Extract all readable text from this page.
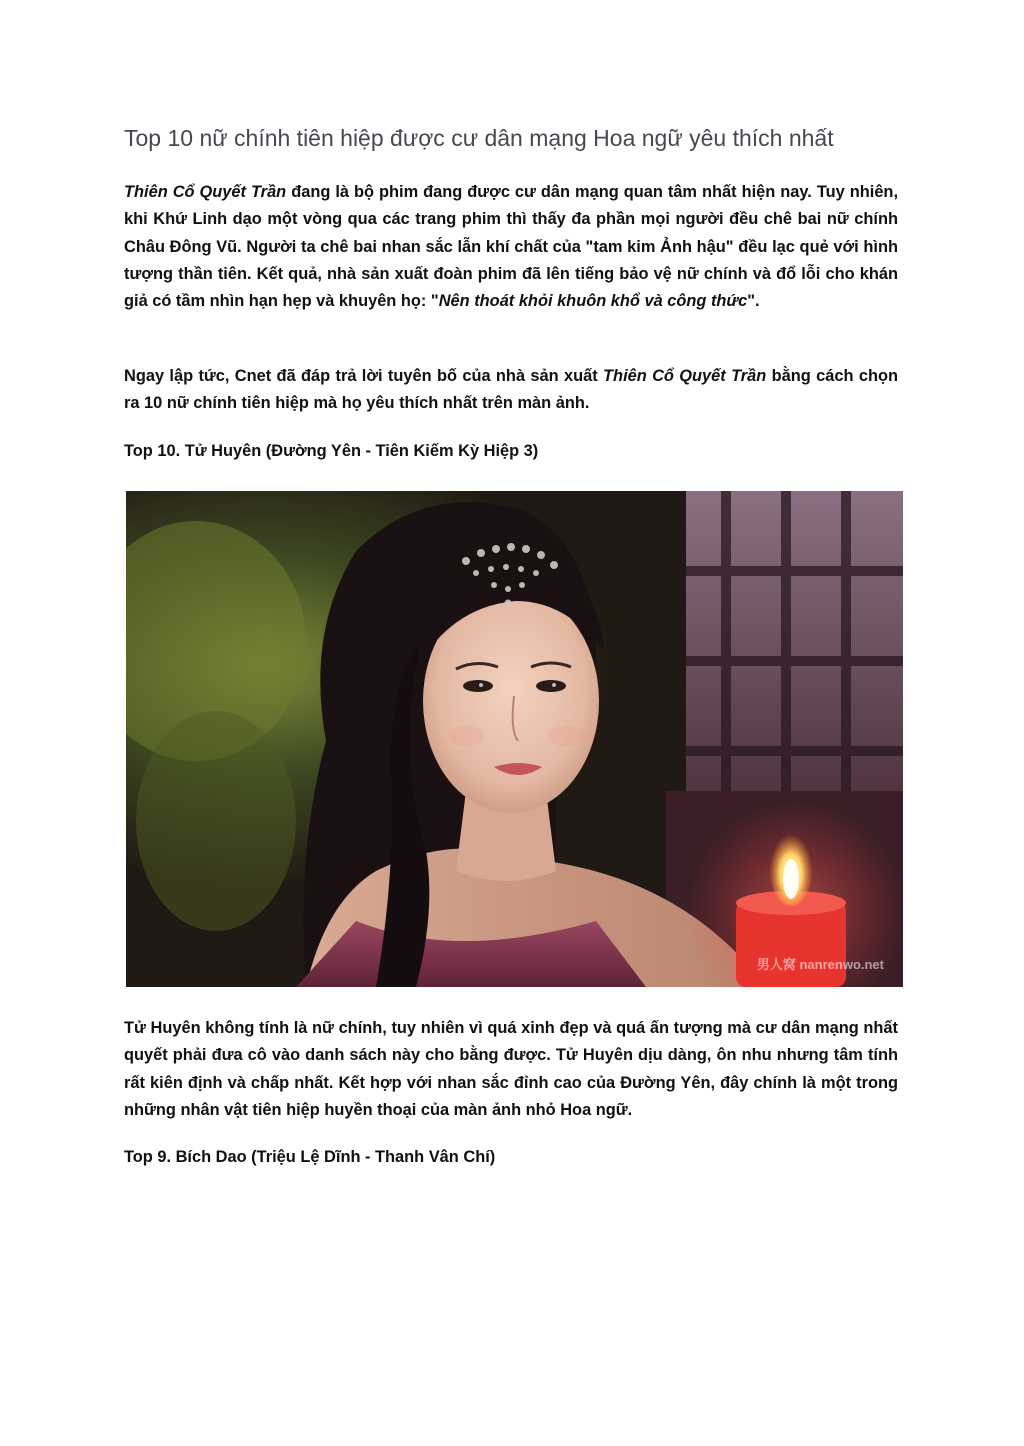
Top 10 nữ chính tiên hiệp được cư dân mạng Hoa ngữ yêu thích nhất

Thiên Cổ Quyết Trần đang là bộ phim đang được cư dân mạng quan tâm nhất hiện nay. Tuy nhiên, khi Khứ Linh dạo một vòng qua các trang phim thì thấy đa phần mọi người đều chê bai nữ chính Châu Đông Vũ. Người ta chê bai nhan sắc lẫn khí chất của "tam kim Ảnh hậu" đều lạc quẻ với hình tượng thần tiên. Kết quả, nhà sản xuất đoàn phim đã lên tiếng bảo vệ nữ chính và đổ lỗi cho khán giả có tầm nhìn hạn hẹp và khuyên họ: "Nên thoát khỏi khuôn khổ và công thức".

Ngay lập tức, Cnet đã đáp trả lời tuyên bố của nhà sản xuất Thiên Cổ Quyết Trần bằng cách chọn ra 10 nữ chính tiên hiệp mà họ yêu thích nhất trên màn ảnh.

Top 10. Tử Huyên (Đường Yên - Tiên Kiếm Kỳ Hiệp 3)

Tử Huyên không tính là nữ chính, tuy nhiên vì quá xinh đẹp và quá ấn tượng mà cư dân mạng nhất quyết phải đưa cô vào danh sách này cho bằng được. Tử Huyên dịu dàng, ôn nhu nhưng tâm tính rất kiên định và chấp nhất. Kết hợp với nhan sắc đỉnh cao của Đường Yên, đây chính là một trong những nhân vật tiên hiệp huyền thoại của màn ảnh nhỏ Hoa ngữ.

Top 9. Bích Dao (Triệu Lệ Dĩnh - Thanh Vân Chí)

男人窝 nanrenwo.net
